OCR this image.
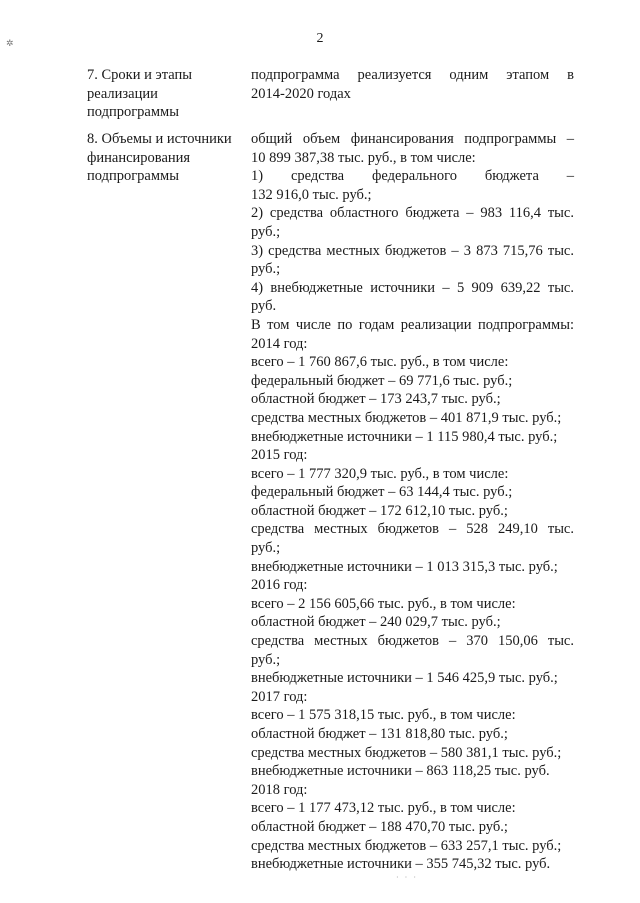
✲	2
7. Сроки и этапы
реализации
подпрограммы
подпрограмма реализуется одним этапом в
2014-2020 годах
8. Объемы и источники
финансирования
подпрограммы
общий объем финансирования подпрограммы –
10 899 387,38 тыс. руб., в том числе:
1) средства федерального бюджета –
132 916,0 тыс. руб.;
2) средства областного бюджета – 983 116,4 тыс.
руб.;
3) средства местных бюджетов – 3 873 715,76 тыс.
руб.;
4) внебюджетные источники – 5 909 639,22 тыс.
руб.
В том числе по годам реализации подпрограммы:
2014 год:
всего – 1 760 867,6 тыс. руб., в том числе:
федеральный бюджет – 69 771,6 тыс. руб.;
областной бюджет – 173 243,7 тыс. руб.;
средства местных бюджетов – 401 871,9 тыс. руб.;
внебюджетные источники – 1 115 980,4 тыс. руб.;
2015 год:
всего – 1 777 320,9 тыс. руб., в том числе:
федеральный бюджет – 63 144,4 тыс. руб.;
областной бюджет – 172 612,10 тыс. руб.;
средства местных бюджетов – 528 249,10 тыс.
руб.;
внебюджетные источники – 1 013 315,3 тыс. руб.;
2016 год:
всего – 2 156 605,66 тыс. руб., в том числе:
областной бюджет – 240 029,7 тыс. руб.;
средства местных бюджетов – 370 150,06 тыс.
руб.;
внебюджетные источники – 1 546 425,9 тыс. руб.;
2017 год:
всего – 1 575 318,15 тыс. руб., в том числе:
областной бюджет – 131 818,80 тыс. руб.;
средства местных бюджетов – 580 381,1 тыс. руб.;
внебюджетные источники – 863 118,25 тыс. руб.
2018 год:
всего – 1 177 473,12 тыс. руб., в том числе:
областной бюджет – 188 470,70 тыс. руб.;
средства местных бюджетов – 633 257,1 тыс. руб.;
внебюджетные источники – 355 745,32 тыс. руб.
· · ·
